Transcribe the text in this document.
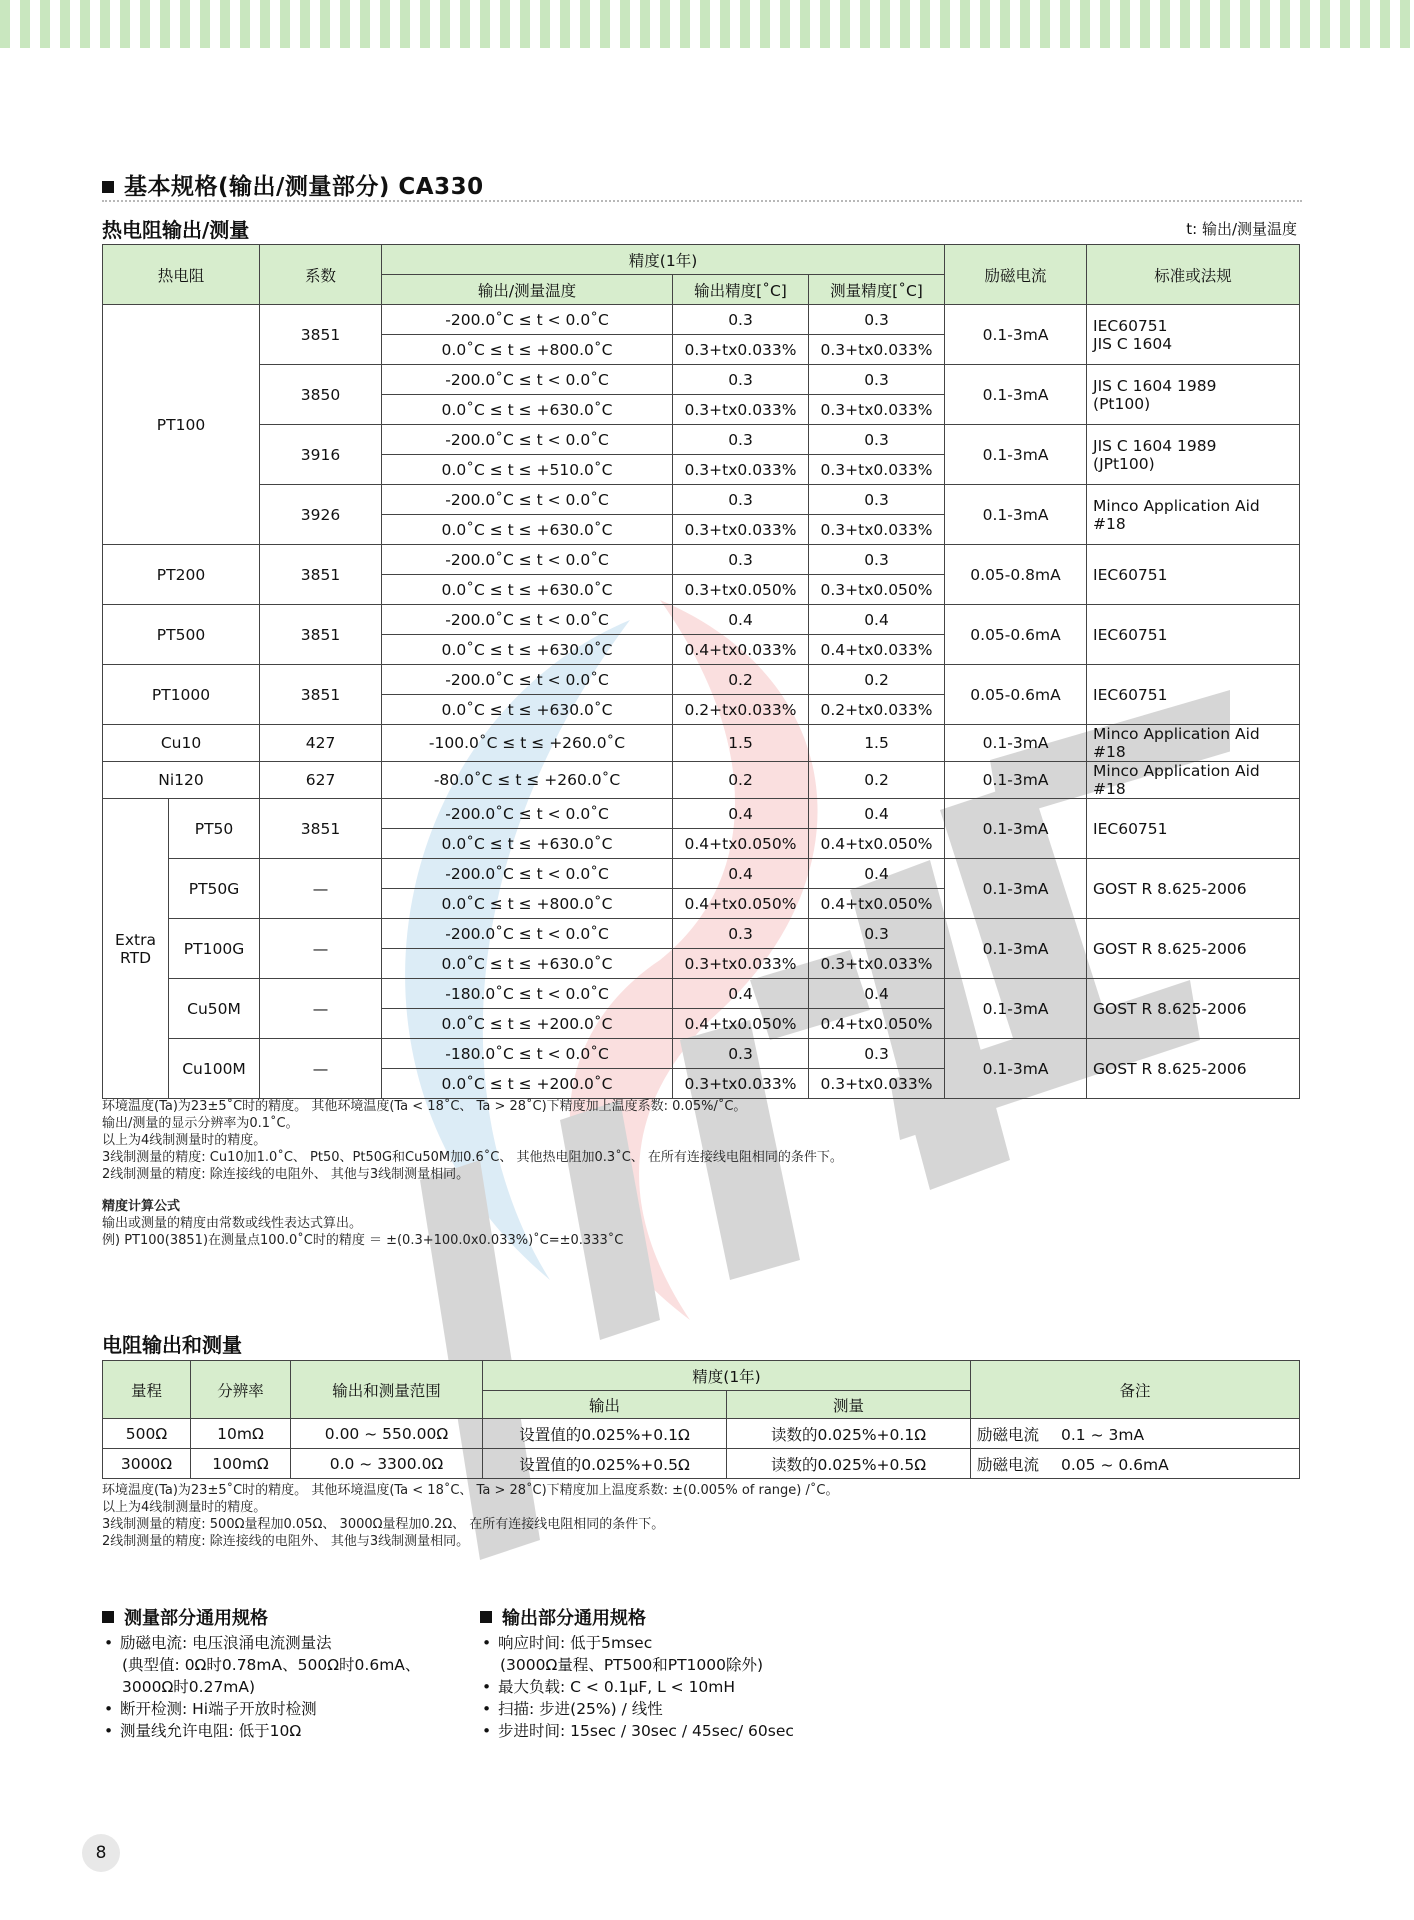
基本规格(输出/测量部分) CA330
热电阻输出/测量	t: 输出/测量温度
热电阻		系数	精度(1年)			励磁电流	标准或法规
			输出/测量温度	输出精度[˚C]	测量精度[˚C]		
PT100		3851	-200.0˚C ≤ t < 0.0˚C	0.3	0.3	0.1-3mA	IEC60751
JIS C 1604

			0.0˚C ≤ t ≤ +800.0˚C	0.3+tx0.033%	0.3+tx0.033%		
		3850	-200.0˚C ≤ t < 0.0˚C	0.3	0.3	0.1-3mA	JIS C 1604 1989
(Pt100)

			0.0˚C ≤ t ≤ +630.0˚C	0.3+tx0.033%	0.3+tx0.033%		
		3916	-200.0˚C ≤ t < 0.0˚C	0.3	0.3	0.1-3mA	JIS C 1604 1989
(JPt100)

			0.0˚C ≤ t ≤ +510.0˚C	0.3+tx0.033%	0.3+tx0.033%		
		3926	-200.0˚C ≤ t < 0.0˚C	0.3	0.3	0.1-3mA	Minco Application Aid #18

			0.0˚C ≤ t ≤ +630.0˚C	0.3+tx0.033%	0.3+tx0.033%		
PT200		3851	-200.0˚C ≤ t < 0.0˚C	0.3	0.3	0.05-0.8mA	IEC60751

			0.0˚C ≤ t ≤ +630.0˚C	0.3+tx0.050%	0.3+tx0.050%		
PT500		3851	-200.0˚C ≤ t < 0.0˚C	0.4	0.4	0.05-0.6mA	IEC60751

			0.0˚C ≤ t ≤ +630.0˚C	0.4+tx0.033%	0.4+tx0.033%		
PT1000		3851	-200.0˚C ≤ t < 0.0˚C	0.2	0.2	0.05-0.6mA	IEC60751

			0.0˚C ≤ t ≤ +630.0˚C	0.2+tx0.033%	0.2+tx0.033%		
Cu10		427	-100.0˚C ≤ t ≤ +260.0˚C	1.5	1.5	0.1-3mA	Minco Application Aid #18

Ni120		627	-80.0˚C ≤ t ≤ +260.0˚C	0.2	0.2	0.1-3mA	Minco Application Aid #18

Extra
RTD	PT50	3851	-200.0˚C ≤ t < 0.0˚C	0.4	0.4	0.1-3mA	IEC60751

			0.0˚C ≤ t ≤ +630.0˚C	0.4+tx0.050%	0.4+tx0.050%		
	PT50G	—	-200.0˚C ≤ t < 0.0˚C	0.4	0.4	0.1-3mA	GOST R 8.625-2006

			0.0˚C ≤ t ≤ +800.0˚C	0.4+tx0.050%	0.4+tx0.050%		
	PT100G	—	-200.0˚C ≤ t < 0.0˚C	0.3	0.3	0.1-3mA	GOST R 8.625-2006

			0.0˚C ≤ t ≤ +630.0˚C	0.3+tx0.033%	0.3+tx0.033%		
	Cu50M	—	-180.0˚C ≤ t < 0.0˚C	0.4	0.4	0.1-3mA	GOST R 8.625-2006

			0.0˚C ≤ t ≤ +200.0˚C	0.4+tx0.050%	0.4+tx0.050%		
	Cu100M	—	-180.0˚C ≤ t < 0.0˚C	0.3	0.3	0.1-3mA	GOST R 8.625-2006

			0.0˚C ≤ t ≤ +200.0˚C	0.3+tx0.033%	0.3+tx0.033%		
环境温度(Ta)为23±5˚C时的精度。 其他环境温度(Ta < 18˚C、 Ta > 28˚C)下精度加上温度系数: 0.05%/˚C。
输出/测量的显示分辨率为0.1˚C。
以上为4线制测量时的精度。
3线制测量的精度: Cu10加1.0˚C、 Pt50、Pt50G和Cu50M加0.6˚C、 其他热电阻加0.3˚C、 在所有连接线电阻相同的条件下。
2线制测量的精度: 除连接线的电阻外、 其他与3线制测量相同。
精度计算公式
输出或测量的精度由常数或线性表达式算出。
例) PT100(3851)在测量点100.0˚C时的精度 ＝ ±(0.3+100.0x0.033%)˚C=±0.333˚C
电阻输出和测量
量程	分辨率	输出和测量范围	精度(1年)		备注
			输出	测量	
500Ω	10mΩ	0.00 ~ 550.00Ω	设置值的0.025%+0.1Ω	读数的0.025%+0.1Ω	励磁电流 0.1 ~ 3mA
3000Ω	100mΩ	0.0 ~ 3300.0Ω	设置值的0.025%+0.5Ω	读数的0.025%+0.5Ω	励磁电流 0.05 ~ 0.6mA
环境温度(Ta)为23±5˚C时的精度。 其他环境温度(Ta < 18˚C、 Ta > 28˚C)下精度加上温度系数: ±(0.005% of range) /˚C。
以上为4线制测量时的精度。
3线制测量的精度: 500Ω量程加0.05Ω、 3000Ω量程加0.2Ω、 在所有连接线电阻相同的条件下。
2线制测量的精度: 除连接线的电阻外、 其他与3线制测量相同。
测量部分通用规格
• 励磁电流: 电压浪涌电流测量法
(典型值: 0Ω时0.78mA、500Ω时0.6mA、
3000Ω时0.27mA)
• 断开检测: Hi端子开放时检测
• 测量线允许电阻: 低于10Ω
输出部分通用规格
• 响应时间: 低于5msec
(3000Ω量程、PT500和PT1000除外)
• 最大负载: C < 0.1μF, L < 10mH
• 扫描: 步进(25%) / 线性
• 步进时间: 15sec / 30sec / 45sec/ 60sec
8
